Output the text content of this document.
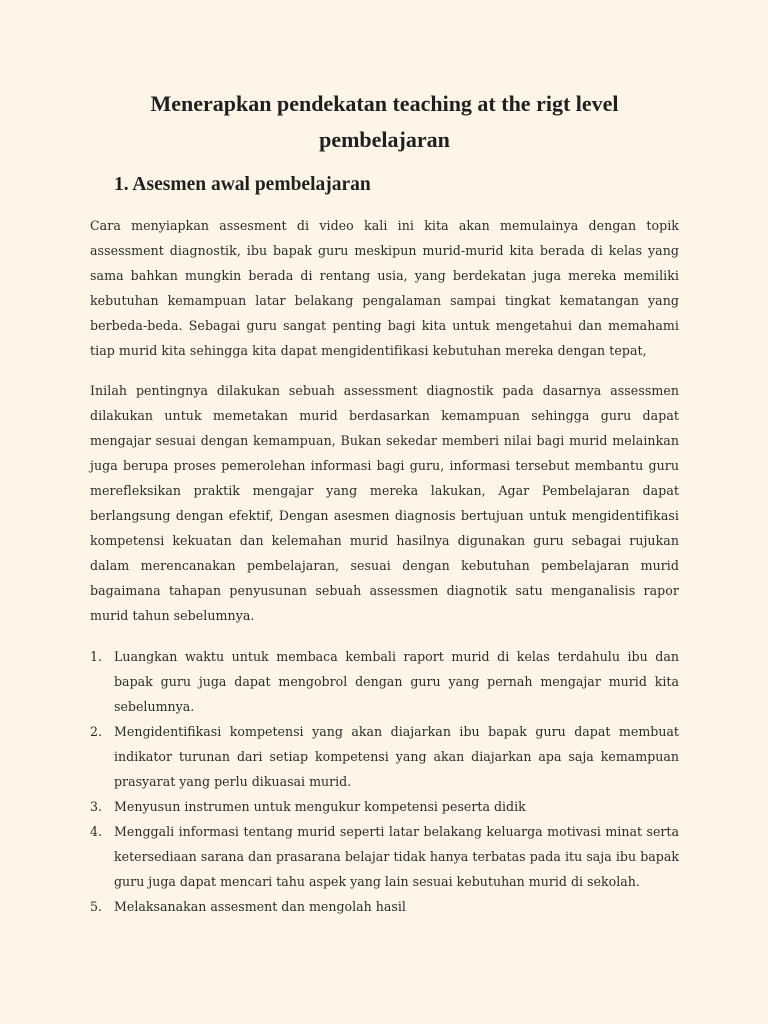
Menerapkan pendekatan teaching at the rigt level pembelajaran
1. Asesmen awal pembelajaran

Cara menyiapkan assesment di video kali ini kita akan memulainya dengan topik assessment diagnostik, ibu bapak guru meskipun murid-murid kita berada di kelas yang sama bahkan mungkin berada di rentang usia, yang berdekatan juga mereka memiliki kebutuhan kemampuan latar belakang pengalaman sampai tingkat kematangan yang berbeda-beda. Sebagai guru sangat penting bagi kita untuk mengetahui dan memahami tiap murid kita sehingga kita dapat mengidentifikasi kebutuhan mereka dengan tepat,

Inilah pentingnya dilakukan sebuah assessment diagnostik pada dasarnya assessmen dilakukan untuk memetakan murid berdasarkan kemampuan sehingga guru dapat mengajar sesuai dengan kemampuan, Bukan sekedar memberi nilai bagi murid melainkan juga berupa proses pemerolehan informasi bagi guru, informasi tersebut membantu guru merefleksikan praktik mengajar yang mereka lakukan, Agar Pembelajaran dapat berlangsung dengan efektif, Dengan asesmen diagnosis bertujuan untuk mengidentifikasi kompetensi kekuatan dan kelemahan murid hasilnya digunakan guru sebagai rujukan dalam merencanakan pembelajaran, sesuai dengan kebutuhan pembelajaran murid bagaimana tahapan penyusunan sebuah assessmen diagnotik satu menganalisis rapor murid tahun sebelumnya.

1. Luangkan waktu untuk membaca kembali raport murid di kelas terdahulu ibu dan bapak guru juga dapat mengobrol dengan guru yang pernah mengajar murid kita sebelumnya.
2. Mengidentifikasi kompetensi yang akan diajarkan ibu bapak guru dapat membuat indikator turunan dari setiap kompetensi yang akan diajarkan apa saja kemampuan prasyarat yang perlu dikuasai murid.
3. Menyusun instrumen untuk mengukur kompetensi peserta didik
4. Menggali informasi tentang murid seperti latar belakang keluarga motivasi minat serta ketersediaan sarana dan prasarana belajar tidak hanya terbatas pada itu saja ibu bapak guru juga dapat mencari tahu aspek yang lain sesuai kebutuhan murid di sekolah.
5. Melaksanakan assesment dan mengolah hasil
